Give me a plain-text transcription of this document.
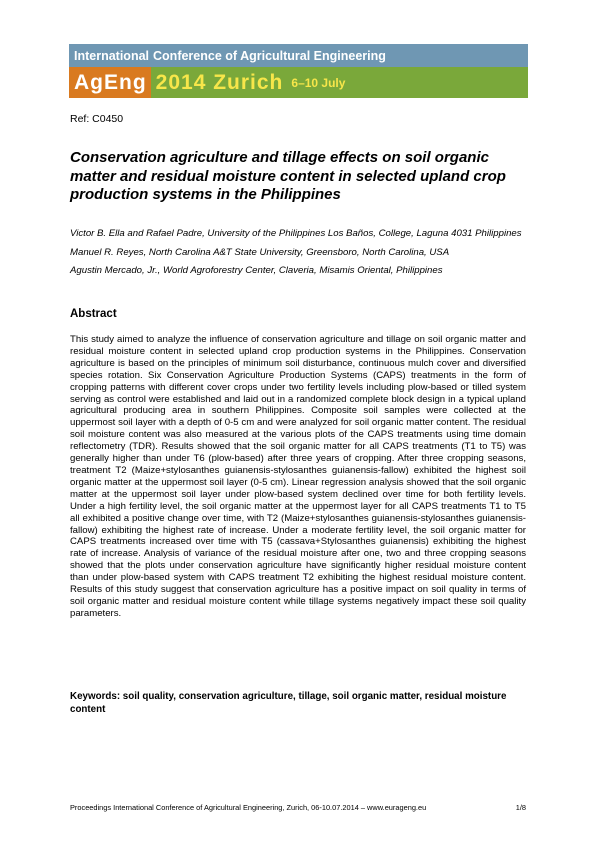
International Conference of Agricultural Engineering
AgEng 2014 Zurich 6–10 July
Ref: C0450
Conservation agriculture and tillage effects on soil organic matter and residual moisture content in selected upland crop production systems in the Philippines

Victor B. Ella and Rafael Padre, University of the Philippines Los Baños, College, Laguna 4031 Philippines

Manuel R. Reyes, North Carolina A&T State University, Greensboro, North Carolina, USA

Agustin Mercado, Jr., World Agroforestry Center, Claveria, Misamis Oriental, Philippines

Abstract

This study aimed to analyze the influence of conservation agriculture and tillage on soil organic matter and residual moisture content in selected upland crop production systems in the Philippines. Conservation agriculture is based on the principles of minimum soil disturbance, continuous mulch cover and diversified species rotation. Six Conservation Agriculture Production Systems (CAPS) treatments in the form of cropping patterns with different cover crops under two fertility levels including plow-based or tilled system serving as control were established and laid out in a randomized complete block design in a typical upland agricultural producing area in southern Philippines. Composite soil samples were collected at the uppermost soil layer with a depth of 0-5 cm and were analyzed for soil organic matter content. The residual soil moisture content was also measured at the various plots of the CAPS treatments using time domain reflectometry (TDR). Results showed that the soil organic matter for all CAPS treatments (T1 to T5) was generally higher than under T6 (plow-based) after three years of cropping. After three cropping seasons, treatment T2 (Maize+stylosanthes guianensis-stylosanthes guianensis-fallow) exhibited the highest soil organic matter at the uppermost soil layer (0-5 cm). Linear regression analysis showed that the soil organic matter at the uppermost soil layer under plow-based system declined over time for both fertility levels. Under a high fertility level, the soil organic matter at the uppermost layer for all CAPS treatments T1 to T5 all exhibited a positive change over time, with T2 (Maize+stylosanthes guianensis-stylosanthes guianensis-fallow) exhibiting the highest rate of increase. Under a moderate fertility level, the soil organic matter for CAPS treatments increased over time with T5 (cassava+Stylosanthes guianensis) exhibiting the highest rate of increase. Analysis of variance of the residual moisture after one, two and three cropping seasons showed that the plots under conservation agriculture have significantly higher residual moisture content than under plow-based system with CAPS treatment T2 exhibiting the highest residual moisture content. Results of this study suggest that conservation agriculture has a positive impact on soil quality in terms of soil organic matter and residual moisture content while tillage systems negatively impact these soil quality parameters.

Keywords: soil quality, conservation agriculture, tillage, soil organic matter, residual moisture content

Proceedings International Conference of Agricultural Engineering, Zurich, 06-10.07.2014 – www.eurageng.eu	1/8
